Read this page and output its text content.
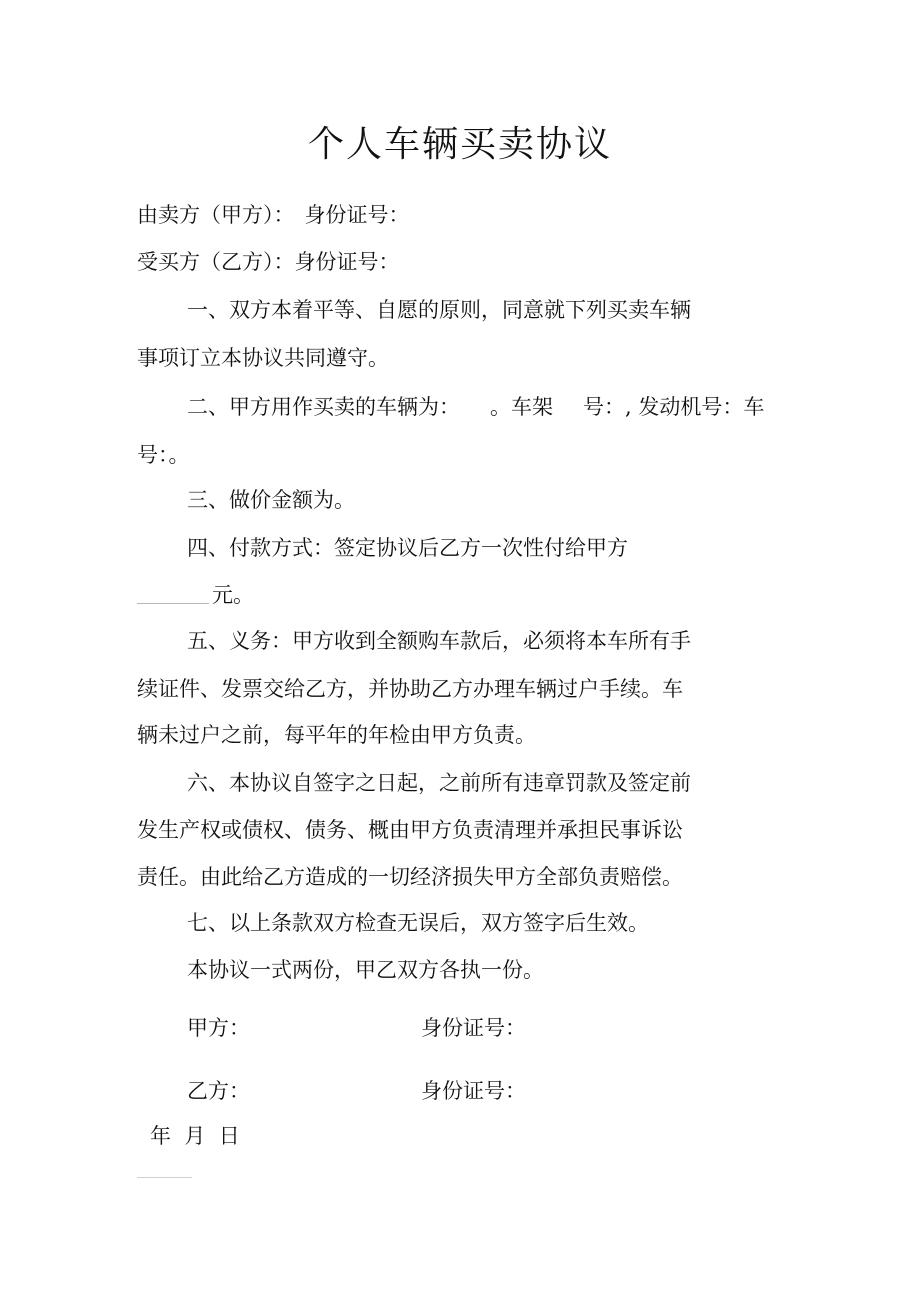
个人车辆买卖协议
由卖方（甲方）： 身份证号：
受买方（乙方）：身份证号：
一、双方本着平等、自愿的原则，同意就下列买卖车辆
事项订立本协议共同遵守。
二、甲方用作买卖的车辆为： 。车架 号：, 发动机号：车
号：。
三、做价金额为。
四、付款方式：签定协议后乙方一次性付给甲方
元。
五、义务：甲方收到全额购车款后，必须将本车所有手
续证件、发票交给乙方，并协助乙方办理车辆过户手续。车
辆未过户之前，每平年的年检由甲方负责。
六、本协议自签字之日起，之前所有违章罚款及签定前
发生产权或债权、债务、概由甲方负责清理并承担民事诉讼
责任。由此给乙方造成的一切经济损失甲方全部负责赔偿。
七、以上条款双方检查无误后，双方签字后生效。
本协议一式两份，甲乙双方各执一份。
甲方：	身份证号：
乙方：	身份证号：
年  月  日
